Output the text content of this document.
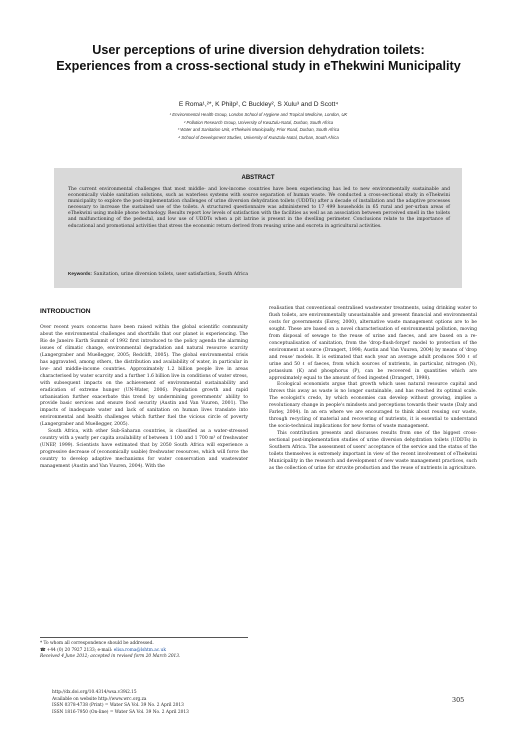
User perceptions of urine diversion dehydration toilets:
Experiences from a cross-sectional study in eThekwini Municipality
E Roma¹,²*, K Philp², C Buckley², S Xulu³ and D Scott⁴
¹ Environmental Health Group, London School of Hygiene and Tropical Medicine, London, UK
² Pollution Research Group, University of KwaZulu-Natal, Durban, South Africa
³ Water and Sanitation Unit, eThekwini Municipality, Prior Road, Durban, South Africa
⁴ School of Development Studies, University of KwaZulu-Natal, Durban, South Africa
ABSTRACT
The current environmental challenges that most middle- and low-income countries have been experiencing has led to new environmentally sustainable and economically viable sanitation solutions, such as waterless systems with source separation of human waste. We conducted a cross-sectional study in eThekwini municipality to explore the post-implementation challenges of urine diversion dehydration toilets (UDDTs) after a decade of installation and the adaptive processes necessary to increase the sustained use of the toilets. A structured questionnaire was administered to 17 499 households in 65 rural and per-urban areas of eThekwini using mobile phone technology. Results report low levels of satisfaction with the facilities as well as an association between perceived smell in the toilets and malfunctioning of the pedestal, and low use of UDDTs when a pit latrine is present in the dwelling perimeter. Conclusions relate to the importance of educational and promotional activities that stress the economic return derived from reusing urine and excreta in agricultural activities.
Keywords: Sanitation, urine diversion toilets, user satisfaction, South Africa
INTRODUCTION

Over recent years concerns have been raised within the global scientific community about the environmental challenges and shortfalls that our planet is experiencing. The Rio de Janeiro Earth Summit of 1992 first introduced to the policy agenda the alarming issues of climatic change, environmental degradation and natural resource scarcity (Langergraber and Muellegger, 2005; Redclift, 2005). The global environmental crisis has aggravated, among others, the distribution and availability of water, in particular in low- and middle-income countries. Approximately 1.2 billion people live in areas characterised by water scarcity and a further 1.6 billion live in conditions of water stress, with subsequent impacts on the achievement of environmental sustainability and eradication of extreme hunger (UN-Water, 2006). Population growth and rapid urbanisation further exacerbate this trend by undermining governments' ability to provide basic services and ensure food security (Austin and Van Vuuren, 2001). The impacts of inadequate water and lack of sanitation on human lives translate into environmental and health challenges which further fuel the vicious circle of poverty (Langergraber and Muellegger, 2005).

South Africa, with other Sub-Saharan countries, is classified as a water-stressed country with a yearly per capita availability of between 1 100 and 1 700 m³ of freshwater (UNEP, 1999). Scientists have estimated that by 2050 South Africa will experience a progressive decrease of (economically usable) freshwater resources, which will force the country to develop adaptive mechanisms for water conservation and wastewater management (Austin and Van Vuuren, 2004). With the

realisation that conventional centralised wastewater treatments, using drinking water to flush toilets, are environmentally unsustainable and present financial and environmental costs for governments (Esrey, 2000), alternative waste management options are to be sought. These are based on a novel characterisation of environmental pollution, moving from disposal of sewage to the reuse of urine and faeces, and are based on a re-conceptualisation of sanitation, from the 'drop-flush-forget' model to protection of the environment at source (Drangert, 1998; Austin and Van Vuuren, 2004) by means of 'drop and reuse' models. It is estimated that each year an average adult produces 500 ℓ of urine and 50 ℓ of faeces, from which sources of nutrients, in particular, nitrogen (N), potassium (K) and phosphorus (P), can be recovered in quantities which are approximately equal to the amount of food ingested (Drangert, 1998).

Ecological economists argue that growth which uses natural resource capital and throws this away as waste is no longer sustainable, and has reached its optimal scale. The ecologist's credo, by which economies can develop without growing, implies a revolutionary change in people's mindsets and perceptions towards their waste (Daly and Farley, 2004). In an era where we are encouraged to think about reusing our waste, through recycling of material and recovering of nutrients, it is essential to understand the socio-technical implications for new forms of waste management.

This contribution presents and discusses results from one of the biggest cross-sectional post-implementation studies of urine diversion dehydration toilets (UDDTs) in Southern Africa. The assessment of users' acceptance of the service and the status of the toilets themselves is extremely important in view of the recent involvement of eThekwini Municipality in the research and development of new waste management practices, such as the collection of urine for struvite production and the reuse of nutrients in agriculture.

* To whom all correspondence should be addressed.
☎ +44 (0) 20 7927 2133; e-mail: elisa.roma@lshtm.ac.uk
Received 4 June 2012; accepted in revised form 20 March 2013.
http://dx.doi.org/10.4314/wsa.v39i2.15
Available on website http://www.wrc.org.za
ISSN 0378-4738 (Print) = Water SA Vol. 39 No. 2 April 2013
ISSN 1816-7950 (On-line) = Water SA Vol. 39 No. 2 April 2013
305
